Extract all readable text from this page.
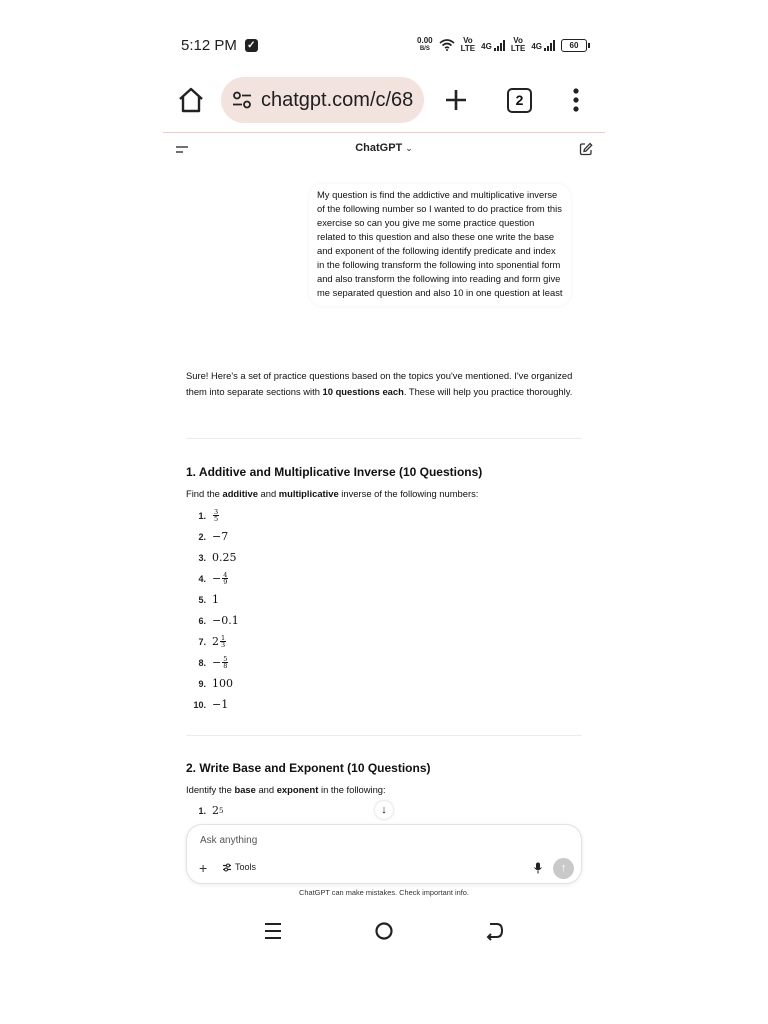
5:12 PM ✓	0.00
B/S
Vo
LTE 4G
Vo
LTE 4G	60
chatgpt.com/c/68	2
ChatGPT ⌄
My question is find the addictive and multiplicative inverse of the following number so I wanted to do practice from this exercise so can you give me some practice question related to this question and also these one write the base and exponent of the following identify predicate and index in the following transform the following into sponential form and also transform the following into reading and form give me separated question and also 10 in one question at least
Sure! Here's a set of practice questions based on the topics you've mentioned. I've organized them into separate sections with 10 questions each. These will help you practice thoroughly.
1. Additive and Multiplicative Inverse (10 Questions)
Find the additive and multiplicative inverse of the following numbers:
1. $\frac{3}{5}$
2. −7
3. 0.25
4. − $\frac{4}{9}$
5. 1
6. −0.1
7. $2 \frac{1}{3}$
8. − $\frac{5}{8}$
9. 100
10. −1
2. Write Base and Exponent (10 Questions)
Identify the base and exponent in the following:
1. 2 5	↓
Ask anything
+	Tools	↑
ChatGPT can make mistakes. Check important info.
